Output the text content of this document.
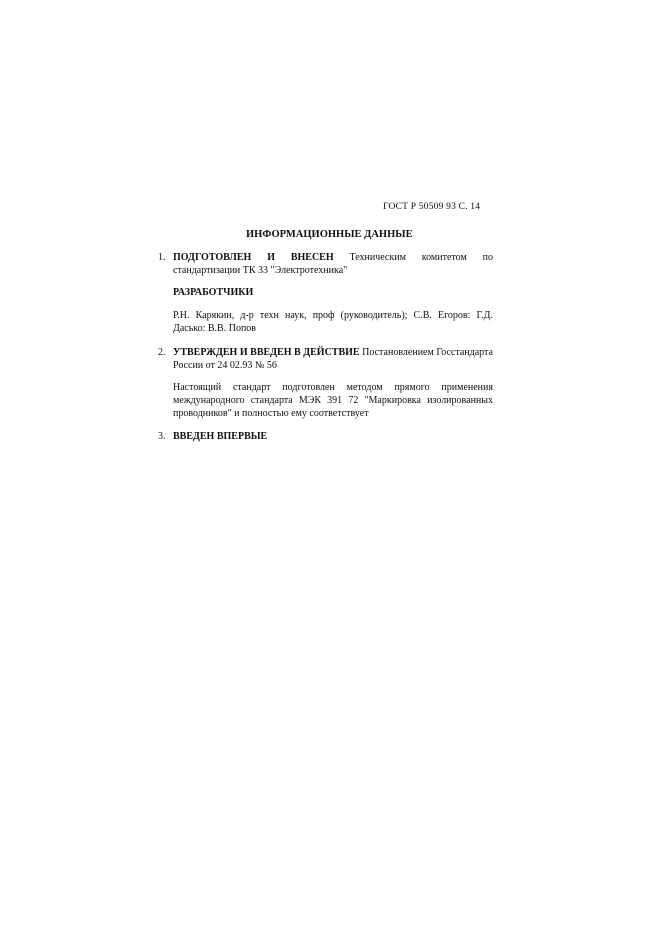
ГОСТ Р 50509 93 С. 14
ИНФОРМАЦИОННЫЕ ДАННЫЕ
1. ПОДГОТОВЛЕН И ВНЕСЕН Техническим комитетом по стандартизации ТК 33 "Электротехника"
РАЗРАБОТЧИКИ

Р.Н. Карякин, д-р техн наук, проф (руководитель); С.В. Егоров: Г.Д. Дасько: В.В. Попов

2. УТВЕРЖДЕН И ВВЕДЕН В ДЕЙСТВИЕ Постановлением Госстандарта России от 24 02.93 № 56

Настоящий стандарт подготовлен методом прямого применения международного стандарта МЭК 391 72 "Маркировка изолированных проводников" и полностью ему соответствует

3. ВВЕДЕН ВПЕРВЫЕ
